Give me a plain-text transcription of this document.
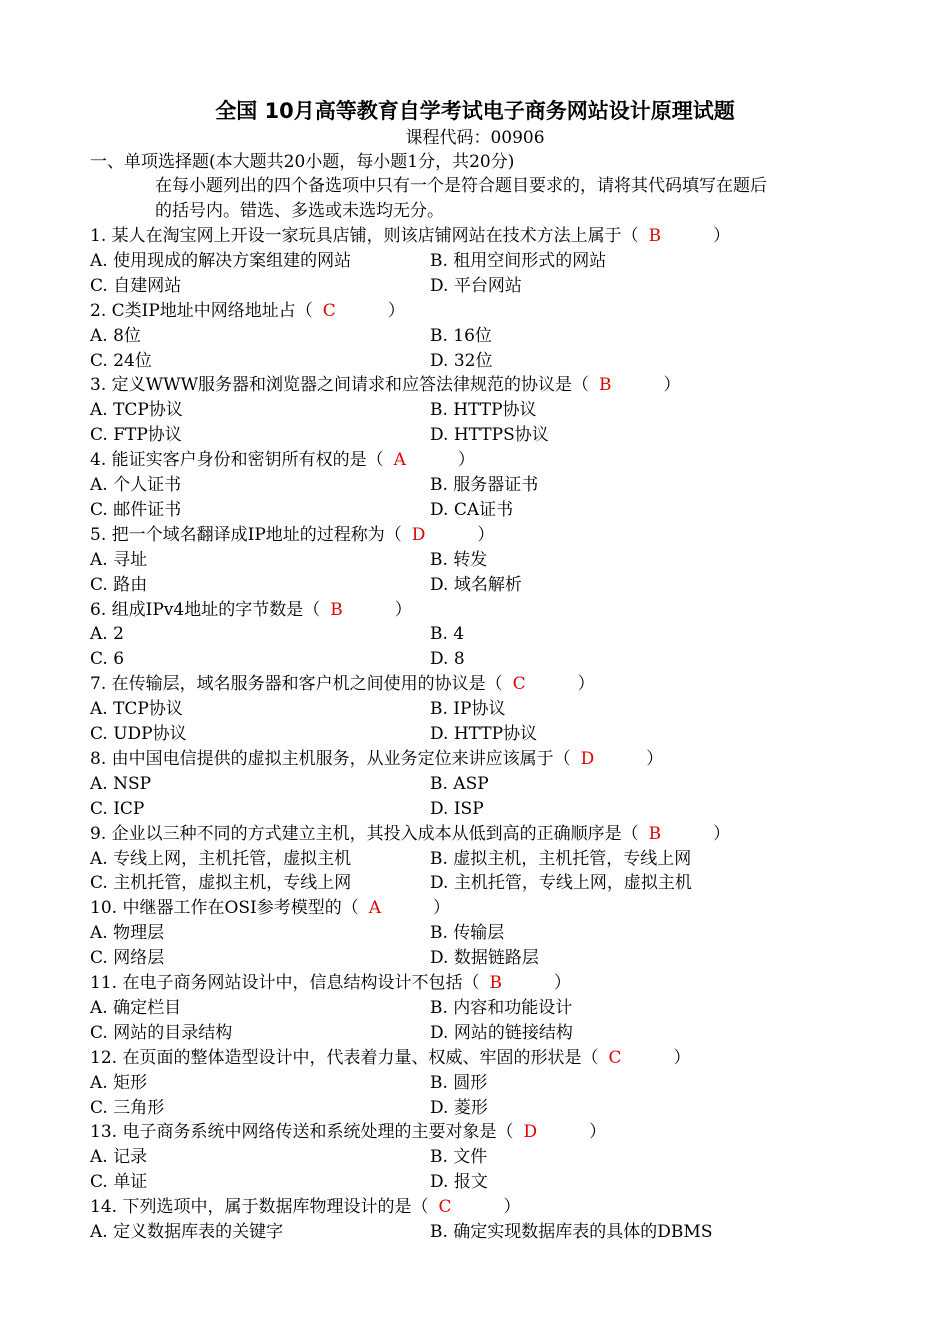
全国 10月高等教育自学考试电子商务网站设计原理试题
课程代码：00906
一、单项选择题(本大题共20小题，每小题1分，共20分)
在每小题列出的四个备选项中只有一个是符合题目要求的，请将其代码填写在题后
的括号内。错选、多选或未选均无分。
1. 某人在淘宝网上开设一家玩具店铺，则该店铺网站在技术方法上属于（ B	）
A. 使用现成的解决方案组建的网站	B. 租用空间形式的网站
C. 自建网站	D. 平台网站
2. C类IP地址中网络地址占（ C	）
A. 8位	B. 16位
C. 24位	D. 32位
3. 定义WWW服务器和浏览器之间请求和应答法律规范的协议是（ B	）
A. TCP协议	B. HTTP协议
C. FTP协议	D. HTTPS协议
4. 能证实客户身份和密钥所有权的是（ A	）
A. 个人证书	B. 服务器证书
C. 邮件证书	D. CA证书
5. 把一个域名翻译成IP地址的过程称为（ D	）
A. 寻址	B. 转发
C. 路由	D. 域名解析
6. 组成IPv4地址的字节数是（ B	）
A. 2	B. 4
C. 6	D. 8
7. 在传输层，域名服务器和客户机之间使用的协议是（ C	）
A. TCP协议	B. IP协议
C. UDP协议	D. HTTP协议
8. 由中国电信提供的虚拟主机服务，从业务定位来讲应该属于（ D	）
A. NSP	B. ASP
C. ICP	D. ISP
9. 企业以三种不同的方式建立主机，其投入成本从低到高的正确顺序是（ B	）
A. 专线上网，主机托管，虚拟主机	B. 虚拟主机，主机托管，专线上网
C. 主机托管，虚拟主机，专线上网	D. 主机托管，专线上网，虚拟主机
10. 中继器工作在OSI参考模型的（ A	）
A. 物理层	B. 传输层
C. 网络层	D. 数据链路层
11. 在电子商务网站设计中，信息结构设计不包括（ B	）
A. 确定栏目	B. 内容和功能设计
C. 网站的目录结构	D. 网站的链接结构
12. 在页面的整体造型设计中，代表着力量、权威、牢固的形状是（ C	）
A. 矩形	B. 圆形
C. 三角形	D. 菱形
13. 电子商务系统中网络传送和系统处理的主要对象是（ D	）
A. 记录	B. 文件
C. 单证	D. 报文
14. 下列选项中，属于数据库物理设计的是（ C	）
A. 定义数据库表的关键字	B. 确定实现数据库表的具体的DBMS
